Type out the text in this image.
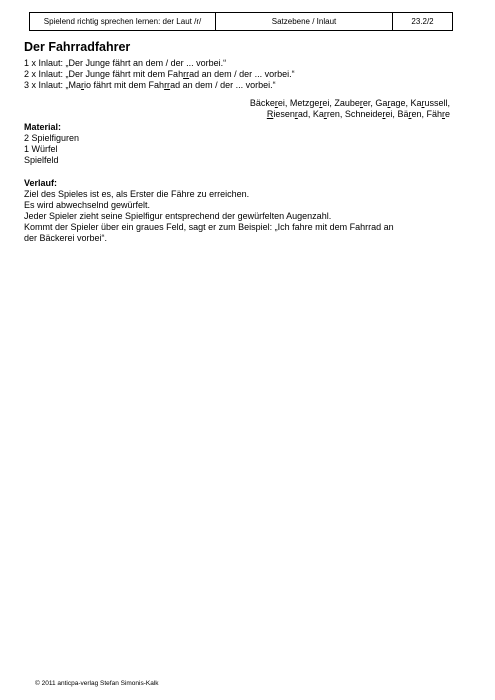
Spielend richtig sprechen lernen: der Laut /r/	Satzebene / Inlaut	23.2/2
Der Fahrradfahrer
1 x Inlaut: „Der Junge fährt an dem / der ... vorbei.“
2 x Inlaut: „Der Junge fährt mit dem Fahrrad an dem / der ... vorbei.“
3 x Inlaut: „Mario fährt mit dem Fahrrad an dem / der ... vorbei.“
Bäckerei, Metzgerei, Zauberer, Garage, Karussell,
Riesenrad, Karren, Schneiderei, Bären, Fähre
Material:
2 Spielfiguren
1 Würfel
Spielfeld
Verlauf:
Ziel des Spieles ist es, als Erster die Fähre zu erreichen.
Es wird abwechselnd gewürfelt.
Jeder Spieler zieht seine Spielfigur entsprechend der gewürfelten Augenzahl.
Kommt der Spieler über ein graues Feld, sagt er zum Beispiel: „Ich fahre mit dem Fahrrad an
der Bäckerei vorbei“.
© 2011 anticpa-verlag Stefan Simonis-Kalk
